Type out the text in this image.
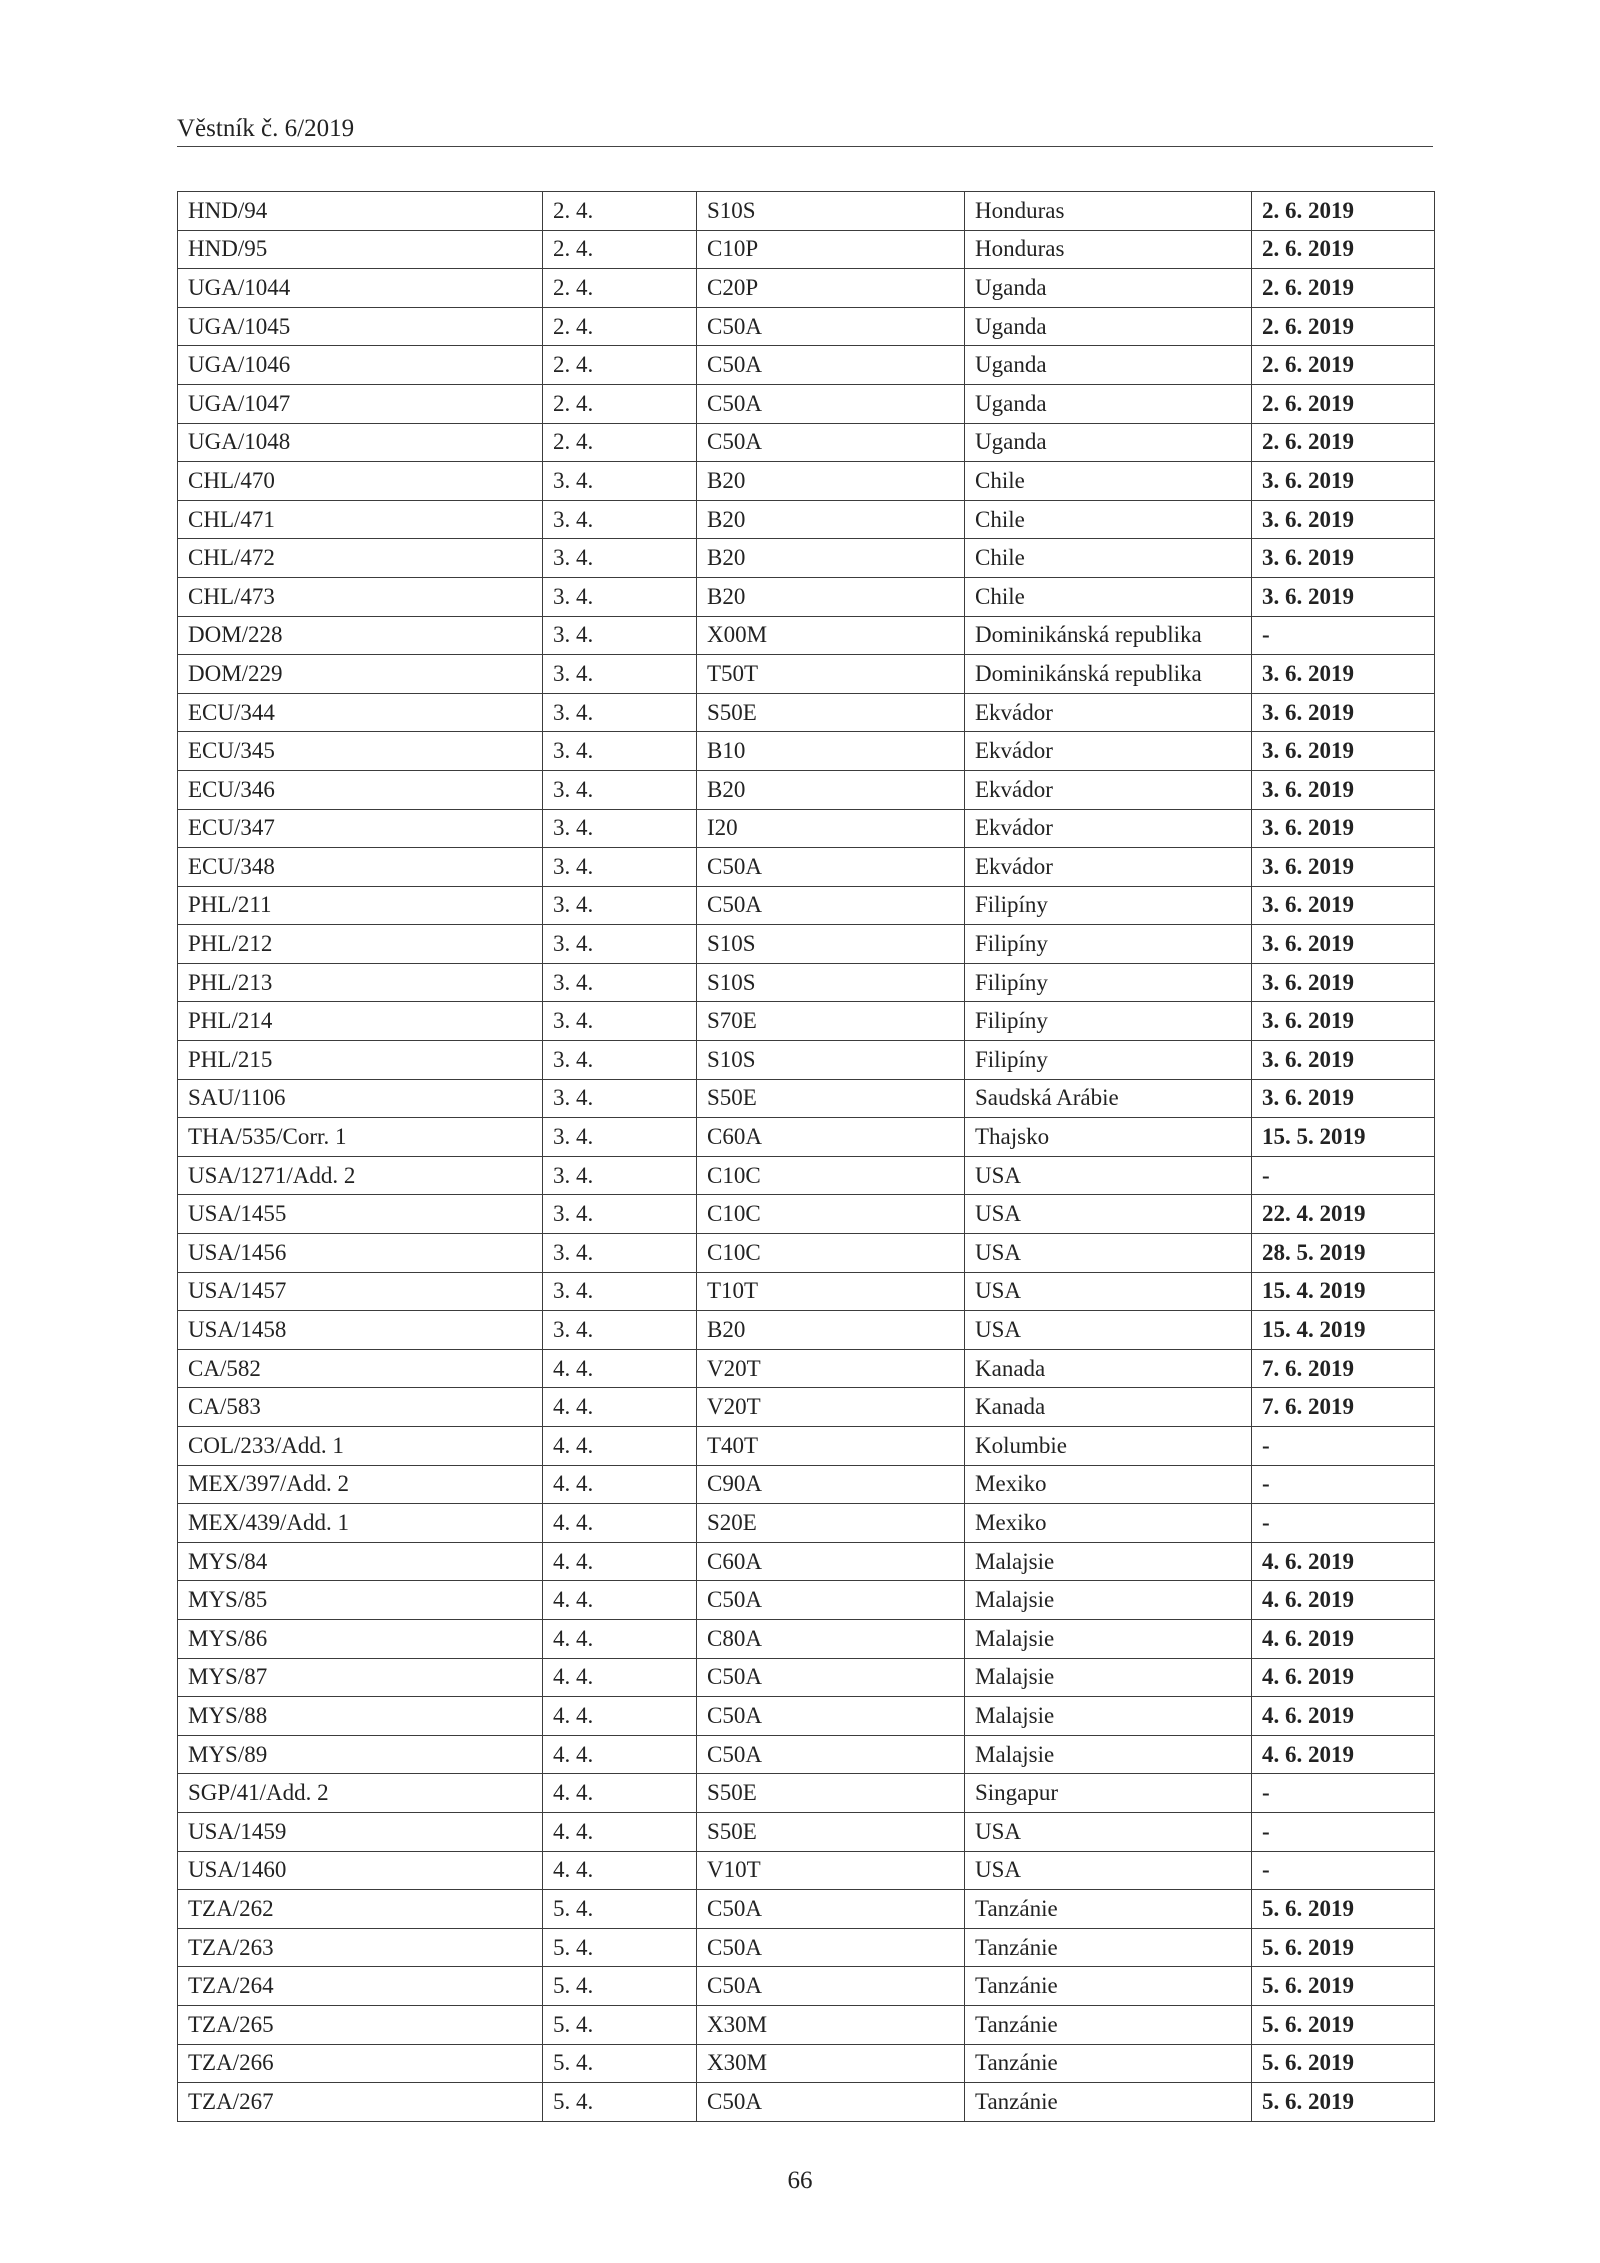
Věstník č. 6/2019
HND/94	2. 4.	S10S	Honduras	2. 6. 2019
HND/95	2. 4.	C10P	Honduras	2. 6. 2019
UGA/1044	2. 4.	C20P	Uganda	2. 6. 2019
UGA/1045	2. 4.	C50A	Uganda	2. 6. 2019
UGA/1046	2. 4.	C50A	Uganda	2. 6. 2019
UGA/1047	2. 4.	C50A	Uganda	2. 6. 2019
UGA/1048	2. 4.	C50A	Uganda	2. 6. 2019
CHL/470	3. 4.	B20	Chile	3. 6. 2019
CHL/471	3. 4.	B20	Chile	3. 6. 2019
CHL/472	3. 4.	B20	Chile	3. 6. 2019
CHL/473	3. 4.	B20	Chile	3. 6. 2019
DOM/228	3. 4.	X00M	Dominikánská republika	-
DOM/229	3. 4.	T50T	Dominikánská republika	3. 6. 2019
ECU/344	3. 4.	S50E	Ekvádor	3. 6. 2019
ECU/345	3. 4.	B10	Ekvádor	3. 6. 2019
ECU/346	3. 4.	B20	Ekvádor	3. 6. 2019
ECU/347	3. 4.	I20	Ekvádor	3. 6. 2019
ECU/348	3. 4.	C50A	Ekvádor	3. 6. 2019
PHL/211	3. 4.	C50A	Filipíny	3. 6. 2019
PHL/212	3. 4.	S10S	Filipíny	3. 6. 2019
PHL/213	3. 4.	S10S	Filipíny	3. 6. 2019
PHL/214	3. 4.	S70E	Filipíny	3. 6. 2019
PHL/215	3. 4.	S10S	Filipíny	3. 6. 2019
SAU/1106	3. 4.	S50E	Saudská Arábie	3. 6. 2019
THA/535/Corr. 1	3. 4.	C60A	Thajsko	15. 5. 2019
USA/1271/Add. 2	3. 4.	C10C	USA	-
USA/1455	3. 4.	C10C	USA	22. 4. 2019
USA/1456	3. 4.	C10C	USA	28. 5. 2019
USA/1457	3. 4.	T10T	USA	15. 4. 2019
USA/1458	3. 4.	B20	USA	15. 4. 2019
CA/582	4. 4.	V20T	Kanada	7. 6. 2019
CA/583	4. 4.	V20T	Kanada	7. 6. 2019
COL/233/Add. 1	4. 4.	T40T	Kolumbie	-
MEX/397/Add. 2	4. 4.	C90A	Mexiko	-
MEX/439/Add. 1	4. 4.	S20E	Mexiko	-
MYS/84	4. 4.	C60A	Malajsie	4. 6. 2019
MYS/85	4. 4.	C50A	Malajsie	4. 6. 2019
MYS/86	4. 4.	C80A	Malajsie	4. 6. 2019
MYS/87	4. 4.	C50A	Malajsie	4. 6. 2019
MYS/88	4. 4.	C50A	Malajsie	4. 6. 2019
MYS/89	4. 4.	C50A	Malajsie	4. 6. 2019
SGP/41/Add. 2	4. 4.	S50E	Singapur	-
USA/1459	4. 4.	S50E	USA	-
USA/1460	4. 4.	V10T	USA	-
TZA/262	5. 4.	C50A	Tanzánie	5. 6. 2019
TZA/263	5. 4.	C50A	Tanzánie	5. 6. 2019
TZA/264	5. 4.	C50A	Tanzánie	5. 6. 2019
TZA/265	5. 4.	X30M	Tanzánie	5. 6. 2019
TZA/266	5. 4.	X30M	Tanzánie	5. 6. 2019
TZA/267	5. 4.	C50A	Tanzánie	5. 6. 2019
66
